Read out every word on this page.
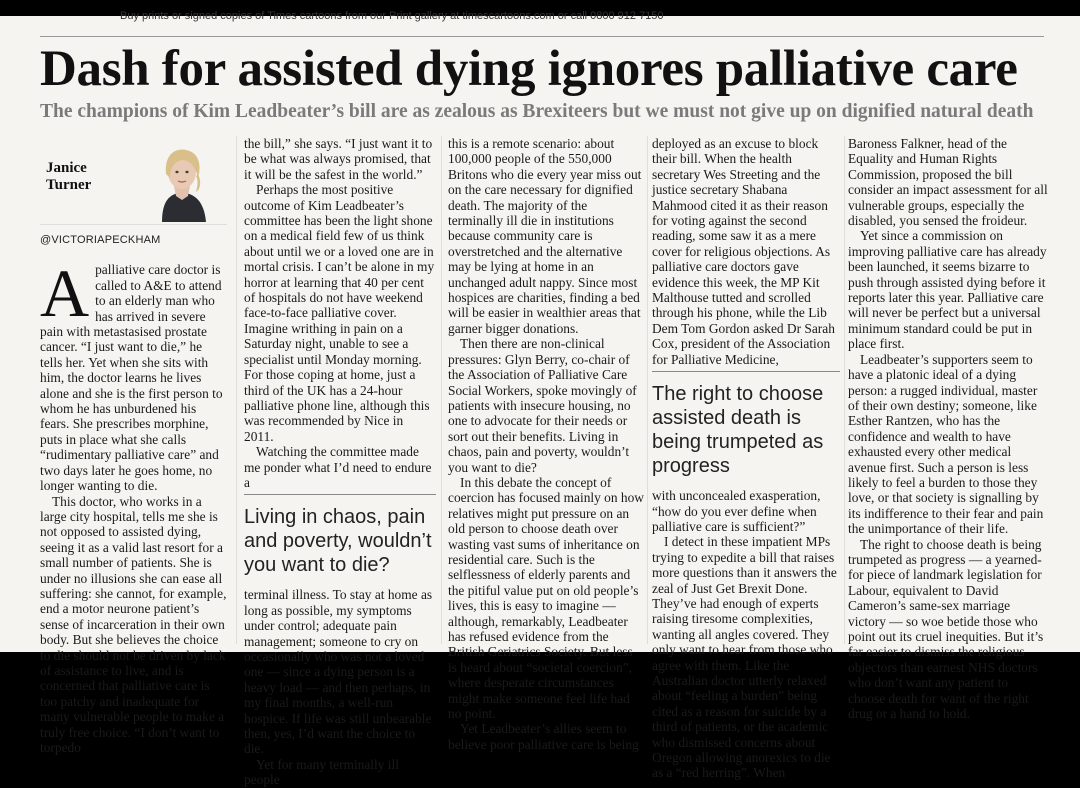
Buy prints or signed copies of Times cartoons from our Print gallery at timescartoons.com or call 0800 912 7150
Dash for assisted dying ignores palliative care
The champions of Kim Leadbeater’s bill are as zealous as Brexiteers but we must not give up on dignified natural death
Janice
Turner
@VICTORIAPECKHAM

Apalliative care doctor is called to A&E to attend to an elderly man who has arrived in severe pain with metastasised prostate cancer. “I just want to die,” he tells her. Yet when she sits with him, the doctor learns he lives alone and she is the first person to whom he has unburdened his fears. She prescribes morphine, puts in place what she calls “rudimentary palliative care” and two days later he goes home, no longer wanting to die.

This doctor, who works in a large city hospital, tells me she is not opposed to assisted dying, seeing it as a valid last resort for a small number of patients. She is under no illusions she can ease all suffering: she cannot, for example, end a motor neurone patient’s sense of incarceration in their own body. But she believes the choice to die should not be driven by lack of assistance to live, and is concerned that palliative care is too patchy and inadequate for many vulnerable people to make a truly free choice. “I don’t want to torpedo

the bill,” she says. “I just want it to be what was always promised, that it will be the safest in the world.”

Perhaps the most positive outcome of Kim Leadbeater’s committee has been the light shone on a medical field few of us think about until we or a loved one are in mortal crisis. I can’t be alone in my horror at learning that 40 per cent of hospitals do not have weekend face-to-face palliative cover. Imagine writhing in pain on a Saturday night, unable to see a specialist until Monday morning. For those coping at home, just a third of the UK has a 24-hour palliative phone line, although this was recommended by Nice in 2011.

Watching the committee made me ponder what I’d need to endure a

Living in chaos, pain and poverty, wouldn’t you want to die?

terminal illness. To stay at home as long as possible, my symptoms under control; adequate pain management; someone to cry on occasionally who was not a loved one — since a dying person is a heavy load — and then perhaps, in my final months, a well-run hospice. If life was still unbearable then, yes, I’d want the choice to die.

Yet for many terminally ill people

this is a remote scenario: about 100,000 people of the 550,000 Britons who die every year miss out on the care necessary for dignified death. The majority of the terminally ill die in institutions because community care is overstretched and the alternative may be lying at home in an unchanged adult nappy. Since most hospices are charities, finding a bed will be easier in wealthier areas that garner bigger donations.

Then there are non-clinical pressures: Glyn Berry, co-chair of the Association of Palliative Care Social Workers, spoke movingly of patients with insecure housing, no one to advocate for their needs or sort out their benefits. Living in chaos, pain and poverty, wouldn’t you want to die?

In this debate the concept of coercion has focused mainly on how relatives might put pressure on an old person to choose death over wasting vast sums of inheritance on residential care. Such is the selflessness of elderly parents and the pitiful value put on old people’s lives, this is easy to imagine — although, remarkably, Leadbeater has refused evidence from the British Geriatrics Society. But less is heard about “societal coercion”, where desperate circumstances might make someone feel life had no point.

Yet Leadbeater’s allies seem to believe poor palliative care is being

deployed as an excuse to block their bill. When the health secretary Wes Streeting and the justice secretary Shabana Mahmood cited it as their reason for voting against the second reading, some saw it as a mere cover for religious objections. As palliative care doctors gave evidence this week, the MP Kit Malthouse tutted and scrolled through his phone, while the Lib Dem Tom Gordon asked Dr Sarah Cox, president of the Association for Palliative Medicine,

The right to choose assisted death is being trumpeted as progress

with unconcealed exasperation, “how do you ever define when palliative care is sufficient?”

I detect in these impatient MPs trying to expedite a bill that raises more questions than it answers the zeal of Just Get Brexit Done. They’ve had enough of experts raising tiresome complexities, wanting all angles covered. They only want to hear from those who agree with them. Like the Australian doctor utterly relaxed about “feeling a burden” being cited as a reason for suicide by a third of patients, or the academic who dismissed concerns about Oregon allowing anorexics to die as a “red herring”. When

Baroness Falkner, head of the Equality and Human Rights Commission, proposed the bill consider an impact assessment for all vulnerable groups, especially the disabled, you sensed the froideur.

Yet since a commission on improving palliative care has already been launched, it seems bizarre to push through assisted dying before it reports later this year. Palliative care will never be perfect but a universal minimum standard could be put in place first.

Leadbeater’s supporters seem to have a platonic ideal of a dying person: a rugged individual, master of their own destiny; someone, like Esther Rantzen, who has the confidence and wealth to have exhausted every other medical avenue first. Such a person is less likely to feel a burden to those they love, or that society is signalling by its indifference to their fear and pain the unimportance of their life.

The right to choose death is being trumpeted as progress — a yearned-for piece of landmark legislation for Labour, equivalent to David Cameron’s same-sex marriage victory — so woe betide those who point out its cruel inequities. But it’s far easier to dismiss the religious objectors than earnest NHS doctors who don’t want any patient to choose death for want of the right drug or a hand to hold.
